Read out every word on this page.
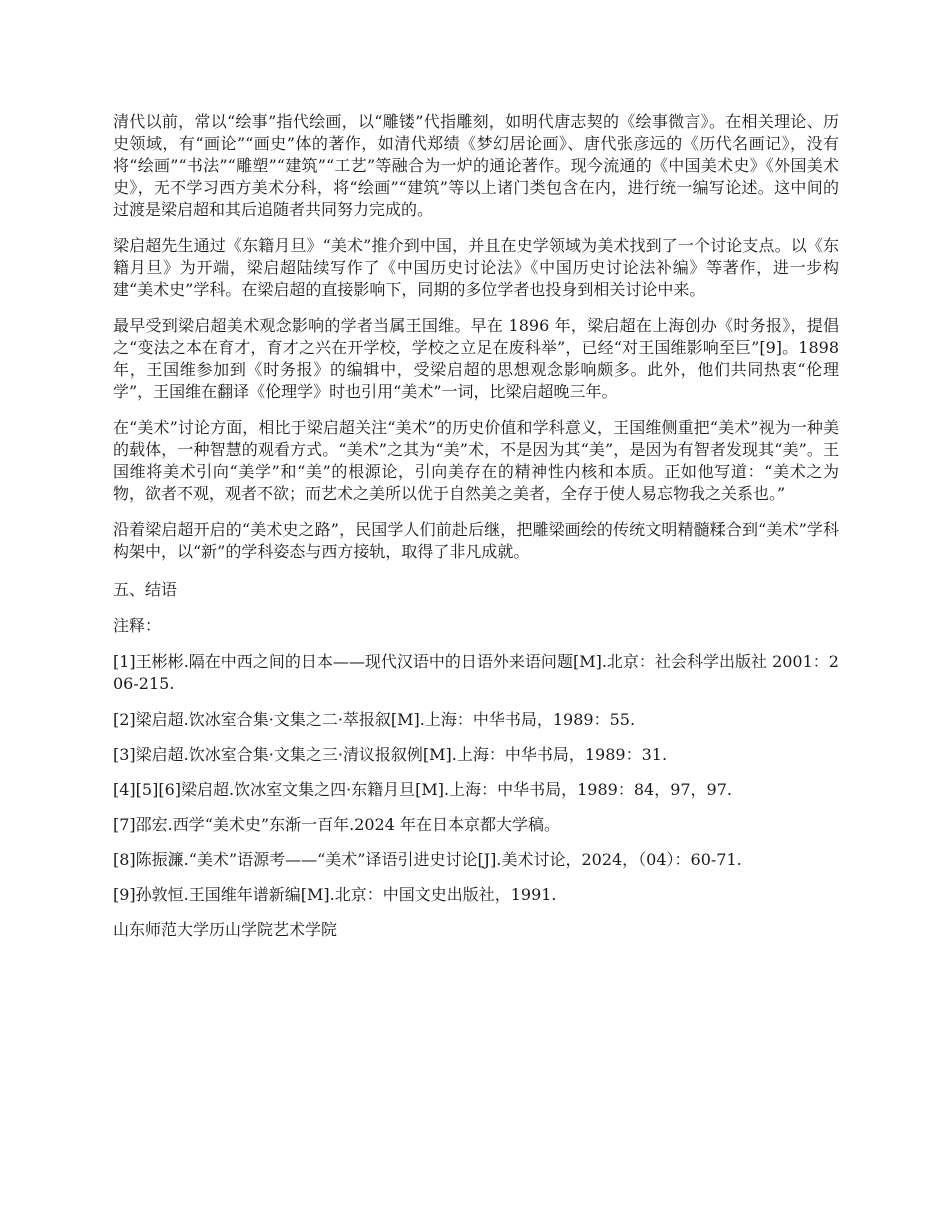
清代以前，常以“绘事”指代绘画，以“雕镂”代指雕刻，如明代唐志契的《绘事微言》。在相关理论、历史领域，有“画论”“画史”体的著作，如清代郑绩《梦幻居论画》、唐代张彦远的《历代名画记》，没有将“绘画”“书法”“雕塑”“建筑”“工艺”等融合为一炉的通论著作。现今流通的《中国美术史》《外国美术史》，无不学习西方美术分科，将“绘画”“建筑”等以上诸门类包含在内，进行统一编写论述。这中间的过渡是梁启超和其后追随者共同努力完成的。

梁启超先生通过《东籍月旦》“美术”推介到中国，并且在史学领域为美术找到了一个讨论支点。以《东籍月旦》为开端，梁启超陆续写作了《中国历史讨论法》《中国历史讨论法补编》等著作，进一步构建“美术史”学科。在梁启超的直接影响下，同期的多位学者也投身到相关讨论中来。

最早受到梁启超美术观念影响的学者当属王国维。早在 1896 年，梁启超在上海创办《时务报》，提倡之“变法之本在育才，育才之兴在开学校，学校之立足在废科举”，已经“对王国维影响至巨”[9]。1898 年，王国维参加到《时务报》的编辑中，受梁启超的思想观念影响颇多。此外，他们共同热衷“伦理学”，王国维在翻译《伦理学》时也引用“美术”一词，比梁启超晚三年。

在“美术”讨论方面，相比于梁启超关注“美术”的历史价值和学科意义，王国维侧重把“美术”视为一种美的载体，一种智慧的观看方式。“美术”之其为“美”术，不是因为其“美”，是因为有智者发现其“美”。王国维将美术引向“美学”和“美”的根源论，引向美存在的精神性内核和本质。正如他写道：“美术之为物，欲者不观，观者不欲；而艺术之美所以优于自然美之美者，全存于使人易忘物我之关系也。”

沿着梁启超开启的“美术史之路”，民国学人们前赴后继，把雕梁画绘的传统文明精髓糅合到“美术”学科构架中，以“新”的学科姿态与西方接轨，取得了非凡成就。

五、结语

注释：

[1]王彬彬.隔在中西之间的日本——现代汉语中的日语外来语问题[M].北京：社会科学出版社 2001：206-215.

[2]梁启超.饮冰室合集·文集之二·萃报叙[M].上海：中华书局，1989：55.

[3]梁启超.饮冰室合集·文集之三·清议报叙例[M].上海：中华书局，1989：31.

[4][5][6]梁启超.饮冰室文集之四·东籍月旦[M].上海：中华书局，1989：84，97，97.

[7]邵宏.西学“美术史”东渐一百年.2024 年在日本京都大学稿。

[8]陈振濂.“美术”语源考——“美术”译语引进史讨论[J].美术讨论，2024，（04）：60-71.

[9]孙敦恒.王国维年谱新编[M].北京：中国文史出版社，1991.

山东师范大学历山学院艺术学院
